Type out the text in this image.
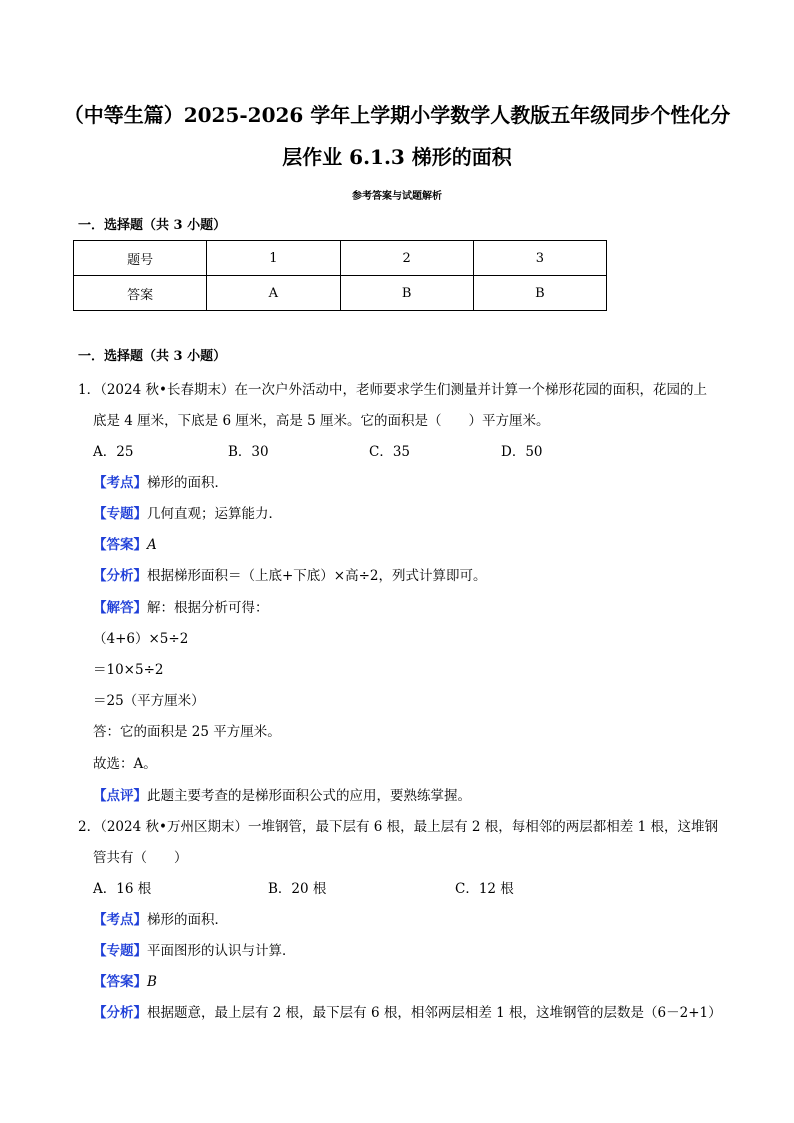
（中等生篇）2025-2026 学年上学期小学数学人教版五年级同步个性化分
层作业 6.1.3 梯形的面积
参考答案与试题解析
一．选择题（共 3 小题）
题号	1	2	3
答案	A	B	B
一．选择题（共 3 小题）
1．（2024 秋•长春期末）在一次户外活动中，老师要求学生们测量并计算一个梯形花园的面积，花园的上
底是 4 厘米，下底是 6 厘米，高是 5 厘米。它的面积是（　　）平方厘米。
A．25	B．30	C．35	D．50
【考点】梯形的面积．
【专题】几何直观；运算能力．
【答案】A
【分析】根据梯形面积＝（上底+下底）×高÷2，列式计算即可。
【解答】解：根据分析可得：
（4+6）×5÷2
＝10×5÷2
＝25（平方厘米）
答：它的面积是 25 平方厘米。
故选：A。
【点评】此题主要考查的是梯形面积公式的应用，要熟练掌握。
2．（2024 秋•万州区期末）一堆钢管，最下层有 6 根，最上层有 2 根，每相邻的两层都相差 1 根，这堆钢
管共有（　　）
A．16 根	B．20 根	C．12 根
【考点】梯形的面积．
【专题】平面图形的认识与计算．
【答案】B
【分析】根据题意，最上层有 2 根，最下层有 6 根，相邻两层相差 1 根，这堆钢管的层数是（6－2+1）
